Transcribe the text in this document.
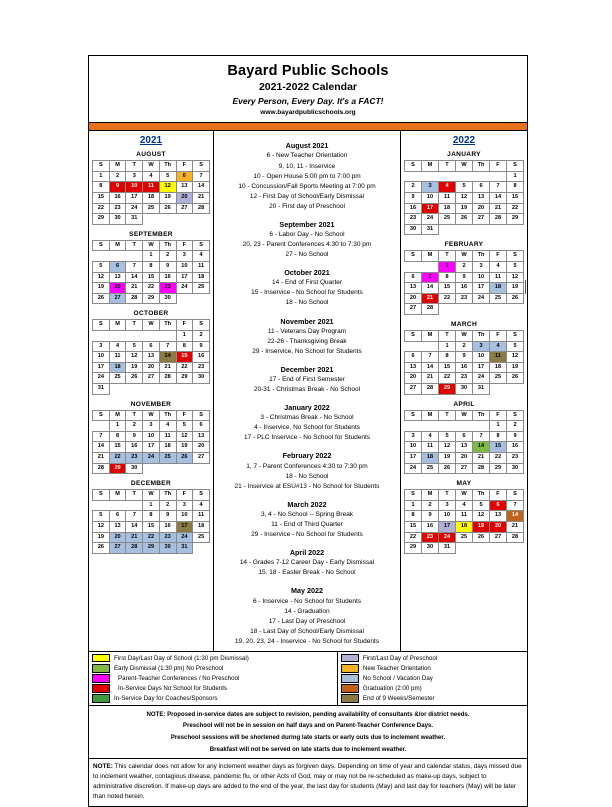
Bayard Public Schools
2021-2022 Calendar
Every Person, Every Day. It's a FACT!
www.bayardpublicschools.org
2021
AUGUST
S	M	T	W	Th	F	S
1	2	3	4	5	6	7
8	9	10	11	12	13	14
15	16	17	18	19	20	21
22	23	24	25	26	27	28
29	30	31				
SEPTEMBER
S	M	T	W	Th	F	S
			1	2	3	4
5	6	7	8	9	10	11
12	13	14	15	16	17	18
19	20	21	22	23	24	25
26	27	28	29	30		
OCTOBER
S	M	T	W	Th	F	S
					1	2
3	4	5	6	7	8	9
10	11	12	13	14	15	16
17	18	19	20	21	22	23
24	25	26	27	28	29	30
31						
NOVEMBER
S	M	T	W	Th	F	S
	1	2	3	4	5	6
7	8	9	10	11	12	13
14	15	16	17	18	19	20
21	22	23	24	25	26	27
28	29	30				
DECEMBER
S	M	T	W	Th	F	S
			1	2	3	4
5	6	7	8	9	10	11
12	13	14	15	16	17	18
19	20	21	22	23	24	25
26	27	28	29	30	31	
August 2021
6 - New Teacher Orientation
9, 10, 11 - Inservice
10 - Open House 5:00 pm to 7:00 pm
10 - Concussion/Fall Sports Meeting at 7:00 pm
12 - First Day of School/Early Dismissal
20 - First day of Preschool
September 2021
6 - Labor Day - No School
20, 23 - Parent Conferences 4:30 to 7:30 pm
27 - No School
October 2021
14 - End of First Quarter
15 - Inservice - No School for Students
18 - No School
November 2021
11 - Veterans Day Program
22-26 - Thanksgiving Break
29 - Inservice, No School for Students
December 2021
17 - End of First Semester
20-31 - Christmas Break - No School
January 2022
3 - Christmas Break - No School
4 - Inservice, No School for Students
17 - PLC Inservice - No School for Students
February 2022
1, 7 - Parent Conferences 4:30 to 7:30 pm
18 - No School
21 - Inservice at ESU#13 - No School for Students
March 2022
3, 4 - No School -- Spring Break
11 - End of Third Quarter
29 - Inservice - No School for Students
April 2022
14 - Grades 7-12 Career Day - Early Dismissal
15, 18 - Easter Break - No School
May 2022
6 - Inservice - No School for Students
14 - Graduation
17 - Last Day of Preschool
18 - Last Day of School/Early Dismissal
19, 20, 23, 24 - Inservice - No School for Students
2022
JANUARY
S	M	T	W	Th	F	S
						1
2	3	4	5	6	7	8
9	10	11	12	13	14	15
16	17	18	19	20	21	22
23	24	25	26	27	28	29
30	31					
FEBRUARY
S	M	T	W	Th	F	S
		1	2	3	4	5
6	7	8	9	10	11	12
13	14	15	16	17	18	19
20	21	22	23	24	25	26
27	28					
MARCH
S	M	T	W	Th	F	S
		1	2	3	4	5
6	7	8	9	10	11	12
13	14	15	16	17	18	19
20	21	22	23	24	25	26
27	28	29	30	31		
APRIL
S	M	T	W	Th	F	S
					1	2
3	4	5	6	7	8	9
10	11	12	13	14	15	16
17	18	19	20	21	22	23
24	25	26	27	28	29	30
MAY
S	M	T	W	Th	F	S
1	2	3	4	5	6	7
8	9	10	11	12	13	14
15	16	17	18	19	20	21
22	23	24	25	26	27	28
29	30	31				
First Day/Last Day of School (1:30 pm Dismissal)
Early Dismissal (1:30 pm) No Preschool
Parent-Teacher Conferences / No Preschool
In-Service Days No School for Students
In-Service Day for Coaches/Sponsors
First/Last Day of Preschool
New Teacher Orientation
No School / Vacation Day
Graduation (2:00 pm)
End of 9 Weeks/Semester
NOTE: Proposed in-service dates are subject to revision, pending availability of consultants &/or district needs.
Preschool will not be in session on half days and on Parent-Teacher Conference Days.
Preschool sessions will be shortened during late starts or early outs due to inclement weather.
Breakfast will not be served on late starts due to inclement weather.

NOTE: This calendar does not allow for any inclement weather days as forgiven days. Depending on time of year and calendar status, days missed due to inclement weather, contagious disease, pandemic flu, or other Acts of God, may or may not be re-scheduled as make-up days, subject to administrative discretion. If make-up days are added to the end of the year, the last day for students (May) and last day for teachers (May) will be later than noted herein.
